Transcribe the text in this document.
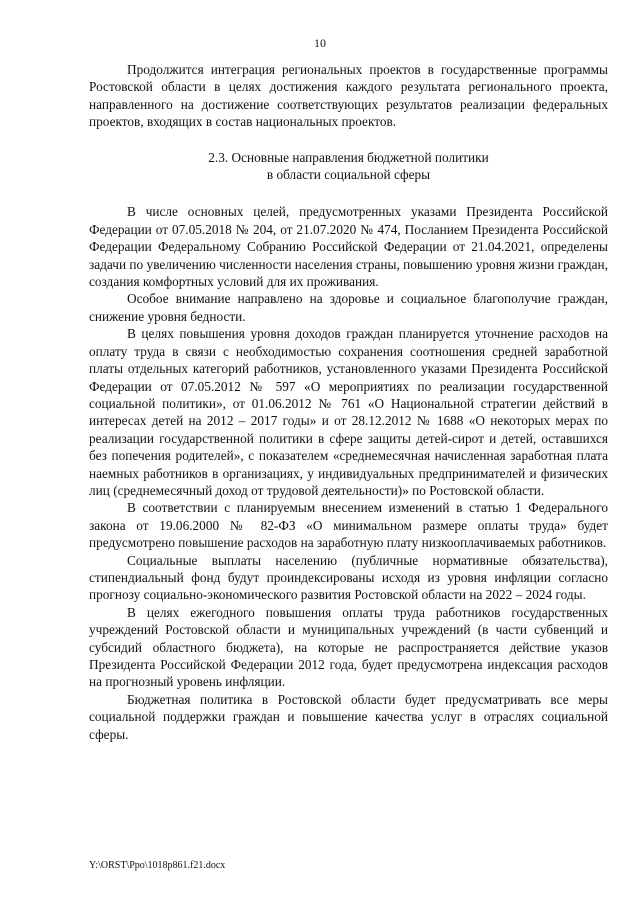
10

Продолжится интеграция региональных проектов в государственные программы Ростовской области в целях достижения каждого результата регионального проекта, направленного на достижение соответствующих результатов реализации федеральных проектов, входящих в состав национальных проектов.

2.3. Основные направления бюджетной политики
в области социальной сферы

В числе основных целей, предусмотренных указами Президента Российской Федерации от 07.05.2018 № 204, от 21.07.2020 № 474, Посланием Президента Российской Федерации Федеральному Собранию Российской Федерации от 21.04.2021, определены задачи по увеличению численности населения страны, повышению уровня жизни граждан, создания комфортных условий для их проживания.

Особое внимание направлено на здоровье и социальное благополучие граждан, снижение уровня бедности.

В целях повышения уровня доходов граждан планируется уточнение расходов на оплату труда в связи с необходимостью сохранения соотношения средней заработной платы отдельных категорий работников, установленного указами Президента Российской Федерации от 07.05.2012 № 597 «О мероприятиях по реализации государственной социальной политики», от 01.06.2012 № 761 «О Национальной стратегии действий в интересах детей на 2012 – 2017 годы» и от 28.12.2012 № 1688 «О некоторых мерах по реализации государственной политики в сфере защиты детей-сирот и детей, оставшихся без попечения родителей», с показателем «среднемесячная начисленная заработная плата наемных работников в организациях, у индивидуальных предпринимателей и физических лиц (среднемесячный доход от трудовой деятельности)» по Ростовской области.

В соответствии с планируемым внесением изменений в статью 1 Федерального закона от 19.06.2000 № 82-ФЗ «О минимальном размере оплаты труда» будет предусмотрено повышение расходов на заработную плату низкооплачиваемых работников.

Социальные выплаты населению (публичные нормативные обязательства), стипендиальный фонд будут проиндексированы исходя из уровня инфляции согласно прогнозу социально-экономического развития Ростовской области на 2022 – 2024 годы.

В целях ежегодного повышения оплаты труда работников государственных учреждений Ростовской области и муниципальных учреждений (в части субвенций и субсидий областного бюджета), на которые не распространяется действие указов Президента Российской Федерации 2012 года, будет предусмотрена индексация расходов на прогнозный уровень инфляции.

Бюджетная политика в Ростовской области будет предусматривать все меры социальной поддержки граждан и повышение качества услуг в отраслях социальной сферы.

Y:\ORST\Ppo\1018p861.f21.docx
